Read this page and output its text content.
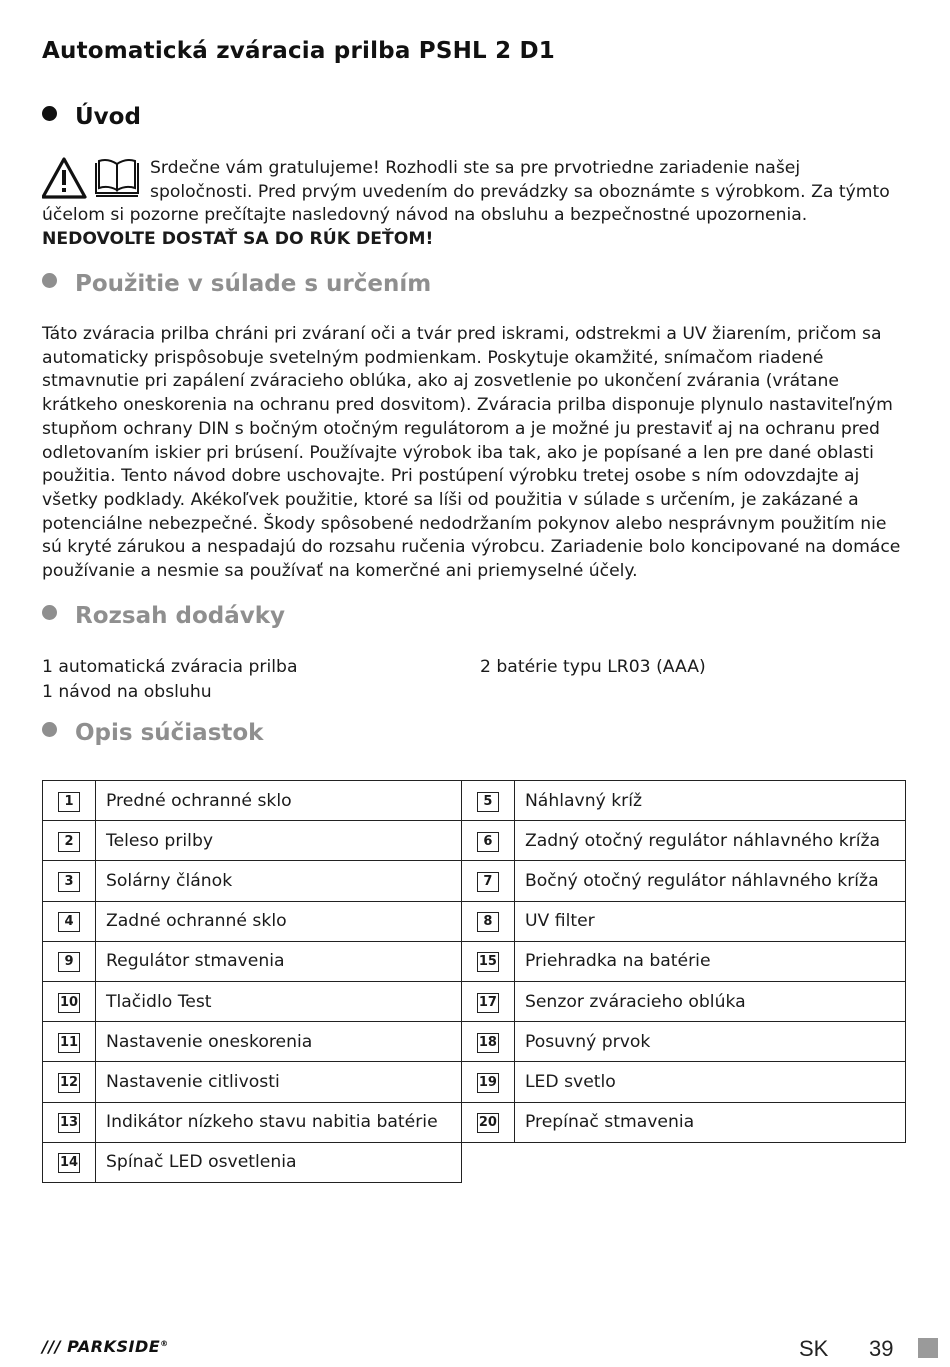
Automatická zváracia prilba PSHL 2 D1
Úvod
Srdečne vám gratulujeme! Rozhodli ste sa pre prvotriedne zariadenie našej spoločnosti. Pred prvým uvedením do prevádzky sa oboznámte s výrobkom. Za týmto účelom si pozorne prečítajte nasledovný návod na obsluhu a bezpečnostné upozornenia.
NEDOVOLTE DOSTAŤ SA DO RÚK DEŤOM!
Použitie v súlade s určením
Táto zváracia prilba chráni pri zváraní oči a tvár pred iskrami, odstrekmi a UV žiarením, pričom sa automaticky prispôsobuje svetelným podmienkam. Poskytuje okamžité, snímačom riadené stmavnutie pri zapálení zváracieho oblúka, ako aj zosvetlenie po ukončení zvárania (vrátane krátkeho oneskorenia na ochranu pred dosvitom). Zváracia prilba disponuje plynulo nastaviteľným stupňom ochrany DIN s bočným otočným regulátorom a je možné ju prestaviť aj na ochranu pred odletovaním iskier pri brúsení. Používajte výrobok iba tak, ako je popísané a len pre dané oblasti použitia. Tento návod dobre uschovajte. Pri postúpení výrobku tretej osobe s ním odovzdajte aj všetky podklady. Akékoľvek použitie, ktoré sa líši od použitia v súlade s určením, je zakázané a potenciálne nebezpečné. Škody spôsobené nedodržaním pokynov alebo nesprávnym použitím nie sú kryté zárukou a nespadajú do rozsahu ručenia výrobcu. Zariadenie bolo koncipované na domáce používanie a nesmie sa používať na komerčné ani priemyselné účely.
Rozsah dodávky
1 automatická zváracia prilba
1 návod na obsluhu
2 batérie typu LR03 (AAA)
Opis súčiastok
1	Predné ochranné sklo	5	Náhlavný kríž
2	Teleso prilby	6	Zadný otočný regulátor náhlavného kríža
3	Solárny článok	7	Bočný otočný regulátor náhlavného kríža
4	Zadné ochranné sklo	8	UV filter
9	Regulátor stmavenia	15	Priehradka na batérie
10	Tlačidlo Test	17	Senzor zváracieho oblúka
11	Nastavenie oneskorenia	18	Posuvný prvok
12	Nastavenie citlivosti	19	LED svetlo
13	Indikátor nízkeho stavu nabitia batérie	20	Prepínač stmavenia
14	Spínač LED osvetlenia		
/// PARKSIDE®	SK 39
